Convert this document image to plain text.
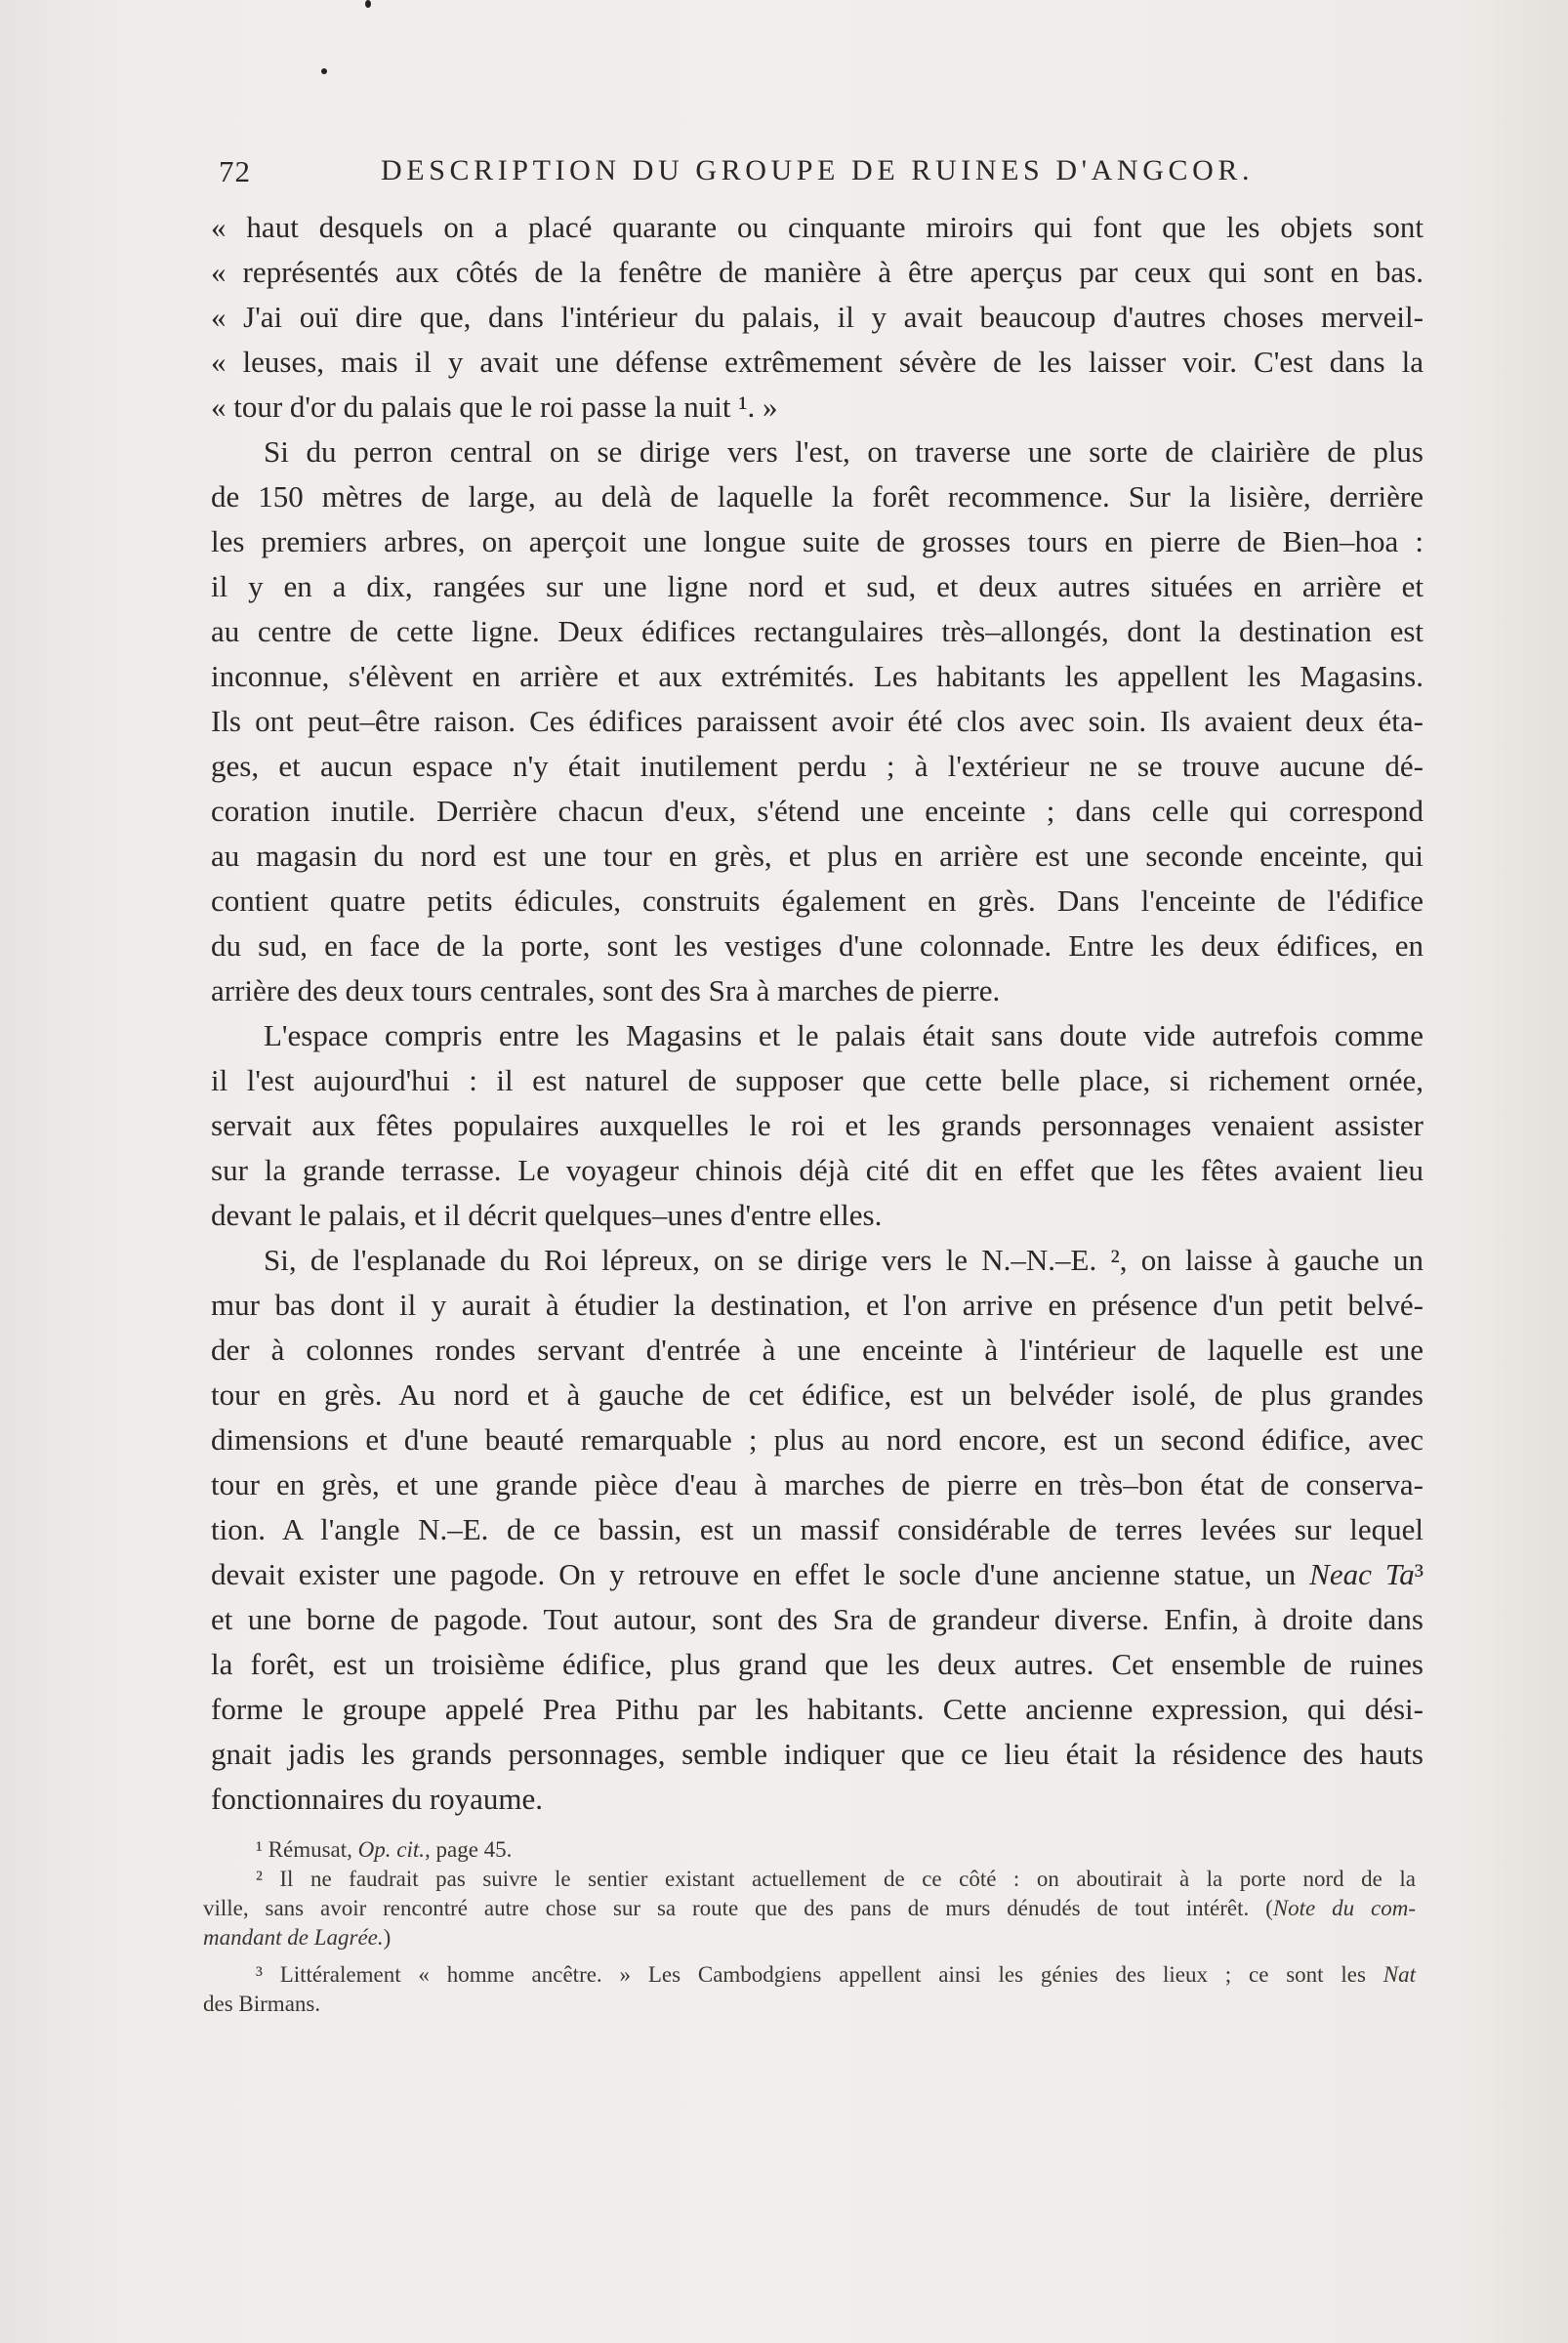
72	DESCRIPTION DU GROUPE DE RUINES D'ANGCOR.
« haut desquels on a placé quarante ou cinquante miroirs qui font que les objets sont
« représentés aux côtés de la fenêtre de manière à être aperçus par ceux qui sont en bas.
« J'ai ouï dire que, dans l'intérieur du palais, il y avait beaucoup d'autres choses merveil-
« leuses, mais il y avait une défense extrêmement sévère de les laisser voir. C'est dans la
« tour d'or du palais que le roi passe la nuit ¹. »
Si du perron central on se dirige vers l'est, on traverse une sorte de clairière de plus
de 150 mètres de large, au delà de laquelle la forêt recommence. Sur la lisière, derrière
les premiers arbres, on aperçoit une longue suite de grosses tours en pierre de Bien–hoa :
il y en a dix, rangées sur une ligne nord et sud, et deux autres situées en arrière et
au centre de cette ligne. Deux édifices rectangulaires très–allongés, dont la destination est
inconnue, s'élèvent en arrière et aux extrémités. Les habitants les appellent les Magasins.
Ils ont peut–être raison. Ces édifices paraissent avoir été clos avec soin. Ils avaient deux éta-
ges, et aucun espace n'y était inutilement perdu ; à l'extérieur ne se trouve aucune dé-
coration inutile. Derrière chacun d'eux, s'étend une enceinte ; dans celle qui correspond
au magasin du nord est une tour en grès, et plus en arrière est une seconde enceinte, qui
contient quatre petits édicules, construits également en grès. Dans l'enceinte de l'édifice
du sud, en face de la porte, sont les vestiges d'une colonnade. Entre les deux édifices, en
arrière des deux tours centrales, sont des Sra à marches de pierre.
L'espace compris entre les Magasins et le palais était sans doute vide autrefois comme
il l'est aujourd'hui : il est naturel de supposer que cette belle place, si richement ornée,
servait aux fêtes populaires auxquelles le roi et les grands personnages venaient assister
sur la grande terrasse. Le voyageur chinois déjà cité dit en effet que les fêtes avaient lieu
devant le palais, et il décrit quelques–unes d'entre elles.
Si, de l'esplanade du Roi lépreux, on se dirige vers le N.–N.–E. ², on laisse à gauche un
mur bas dont il y aurait à étudier la destination, et l'on arrive en présence d'un petit belvé-
der à colonnes rondes servant d'entrée à une enceinte à l'intérieur de laquelle est une
tour en grès. Au nord et à gauche de cet édifice, est un belvéder isolé, de plus grandes
dimensions et d'une beauté remarquable ; plus au nord encore, est un second édifice, avec
tour en grès, et une grande pièce d'eau à marches de pierre en très–bon état de conserva-
tion. A l'angle N.–E. de ce bassin, est un massif considérable de terres levées sur lequel
devait exister une pagode. On y retrouve en effet le socle d'une ancienne statue, un Neac Ta³
et une borne de pagode. Tout autour, sont des Sra de grandeur diverse. Enfin, à droite dans
la forêt, est un troisième édifice, plus grand que les deux autres. Cet ensemble de ruines
forme le groupe appelé Prea Pithu par les habitants. Cette ancienne expression, qui dési-
gnait jadis les grands personnages, semble indiquer que ce lieu était la résidence des hauts
fonctionnaires du royaume.
¹ Rémusat, Op. cit., page 45.
² Il ne faudrait pas suivre le sentier existant actuellement de ce côté : on aboutirait à la porte nord de la
ville, sans avoir rencontré autre chose sur sa route que des pans de murs dénudés de tout intérêt. (Note du com-
mandant de Lagrée.)
³ Littéralement « homme ancêtre. » Les Cambodgiens appellent ainsi les génies des lieux ; ce sont les Nat
des Birmans.
